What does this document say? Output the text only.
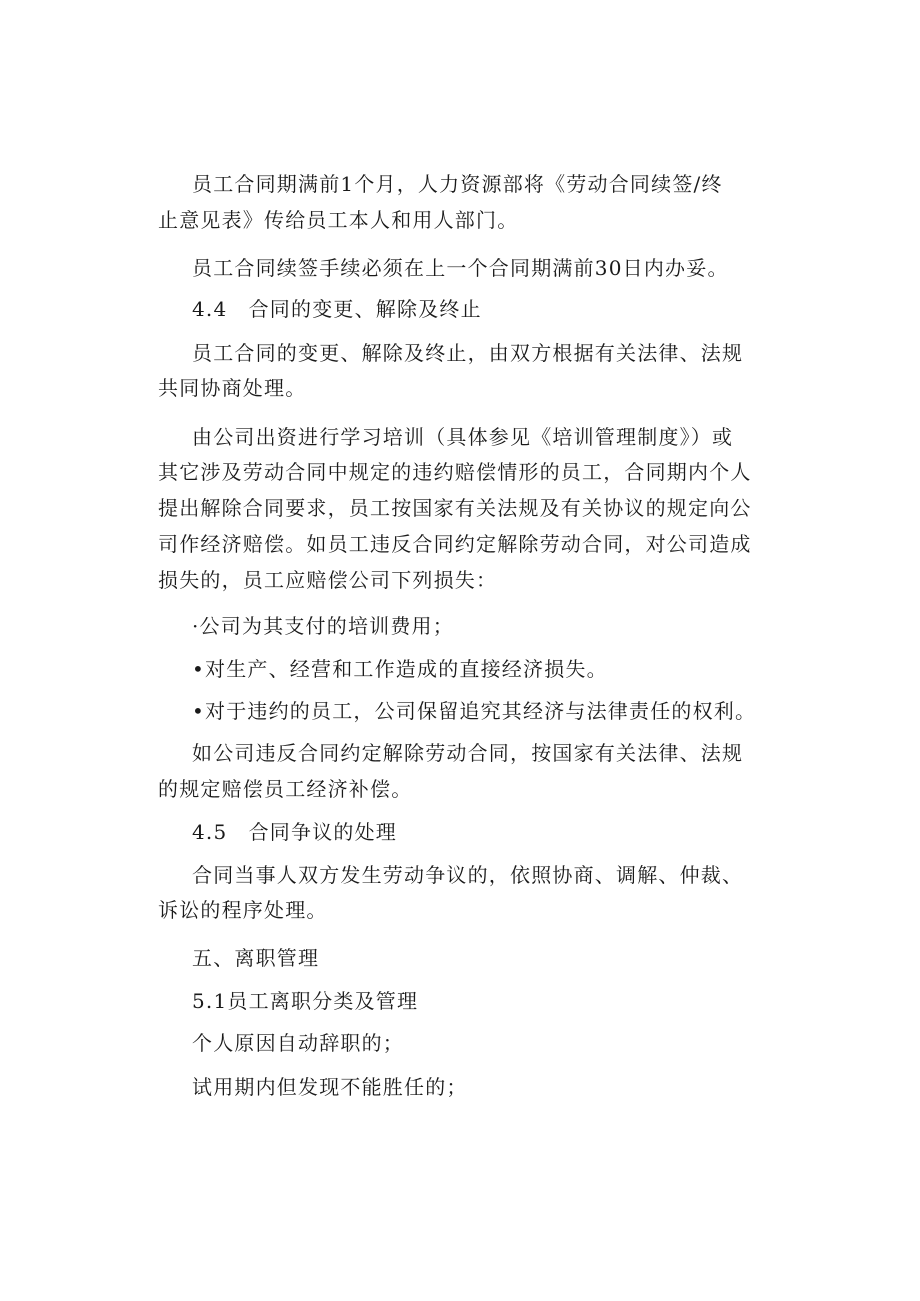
员工合同期满前1个月，人力资源部将《劳动合同续签/终
止意见表》传给员工本人和用人部门。
员工合同续签手续必须在上一个合同期满前30日内办妥。
4.4　合同的变更、解除及终止
员工合同的变更、解除及终止，由双方根据有关法律、法规
共同协商处理。
由公司出资进行学习培训（具体参见《培训管理制度》）或
其它涉及劳动合同中规定的违约赔偿情形的员工，合同期内个人
提出解除合同要求，员工按国家有关法规及有关协议的规定向公
司作经济赔偿。如员工违反合同约定解除劳动合同，对公司造成
损失的，员工应赔偿公司下列损失：
·公司为其支付的培训费用；
•对生产、经营和工作造成的直接经济损失。
•对于违约的员工，公司保留追究其经济与法律责任的权利。
如公司违反合同约定解除劳动合同，按国家有关法律、法规
的规定赔偿员工经济补偿。
4.5　合同争议的处理
合同当事人双方发生劳动争议的，依照协商、调解、仲裁、
诉讼的程序处理。
五、离职管理
5.1员工离职分类及管理
个人原因自动辞职的；
试用期内但发现不能胜任的；
